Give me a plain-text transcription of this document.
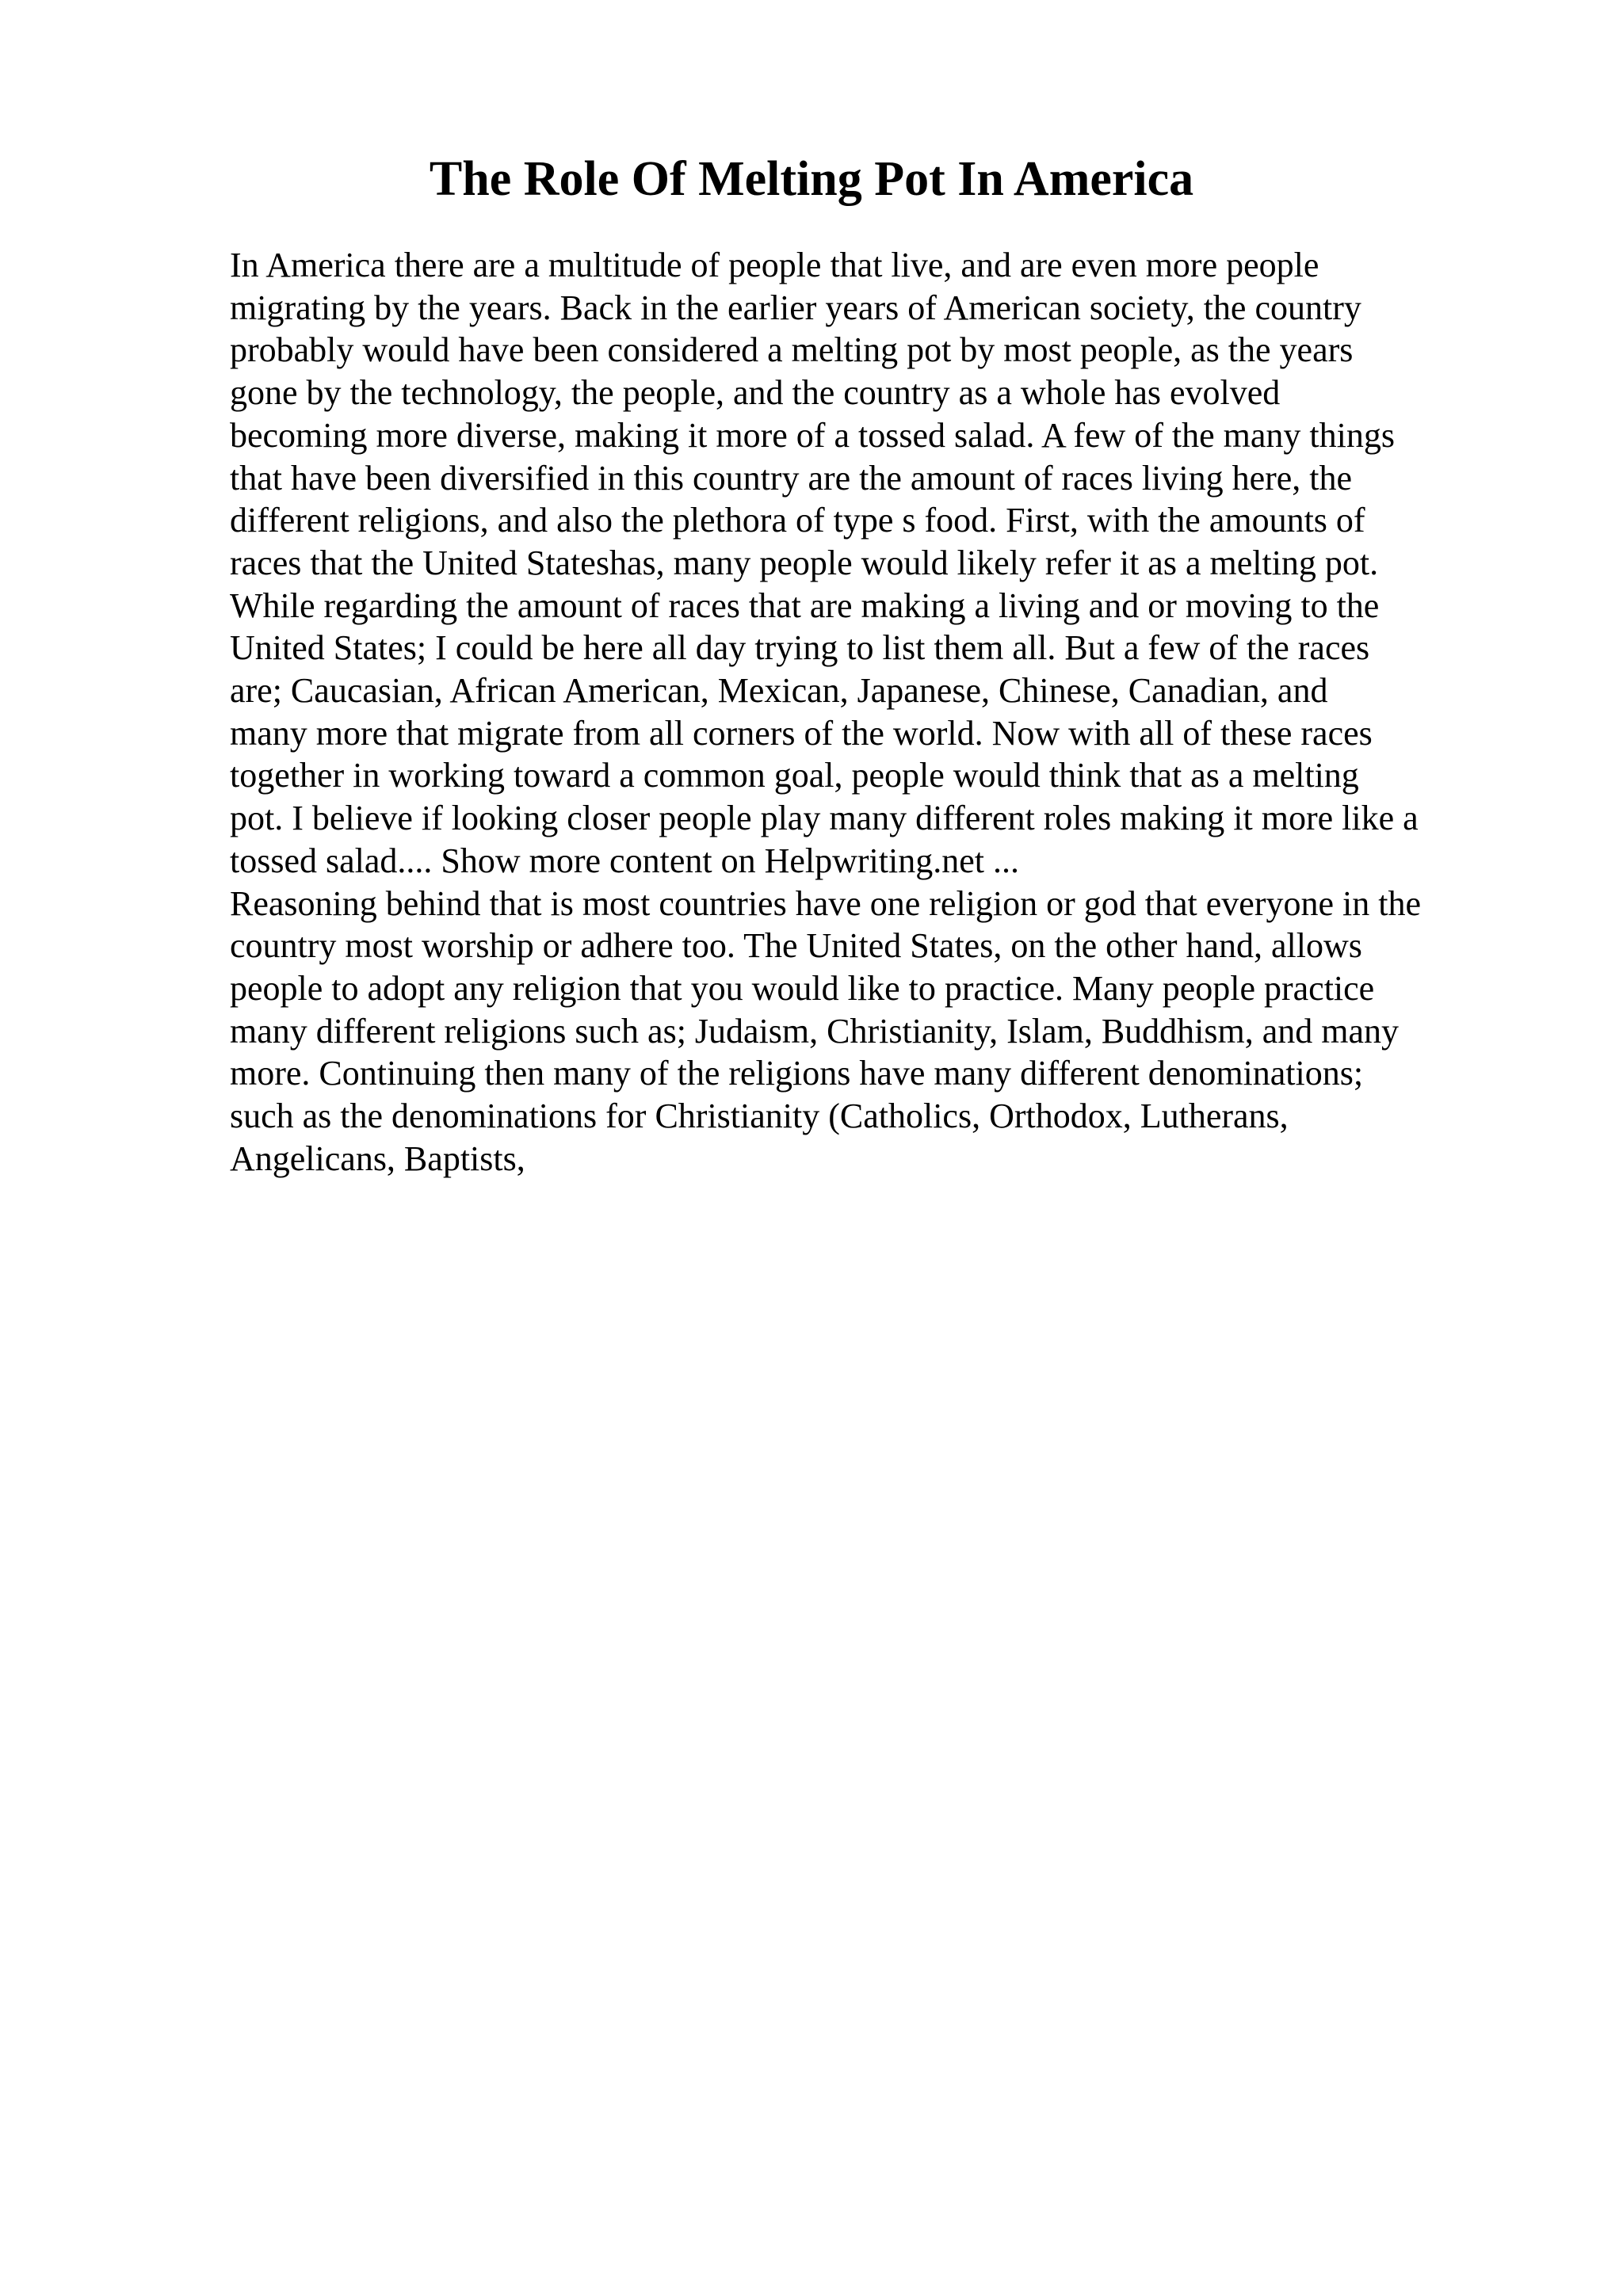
The Role Of Melting Pot In America
In America there are a multitude of people that live, and are even more people
migrating by the years. Back in the earlier years of American society, the country
probably would have been considered a melting pot by most people, as the years
gone by the technology, the people, and the country as a whole has evolved
becoming more diverse, making it more of a tossed salad. A few of the many things
that have been diversified in this country are the amount of races living here, the
different religions, and also the plethora of type s food. First, with the amounts of
races that the United Stateshas, many people would likely refer it as a melting pot.
While regarding the amount of races that are making a living and or moving to the
United States; I could be here all day trying to list them all. But a few of the races
are; Caucasian, African American, Mexican, Japanese, Chinese, Canadian, and
many more that migrate from all corners of the world. Now with all of these races
together in working toward a common goal, people would think that as a melting
pot. I believe if looking closer people play many different roles making it more like a
tossed salad.... Show more content on Helpwriting.net ...
Reasoning behind that is most countries have one religion or god that everyone in the
country most worship or adhere too. The United States, on the other hand, allows
people to adopt any religion that you would like to practice. Many people practice
many different religions such as; Judaism, Christianity, Islam, Buddhism, and many
more. Continuing then many of the religions have many different denominations;
such as the denominations for Christianity (Catholics, Orthodox, Lutherans,
Angelicans, Baptists,
